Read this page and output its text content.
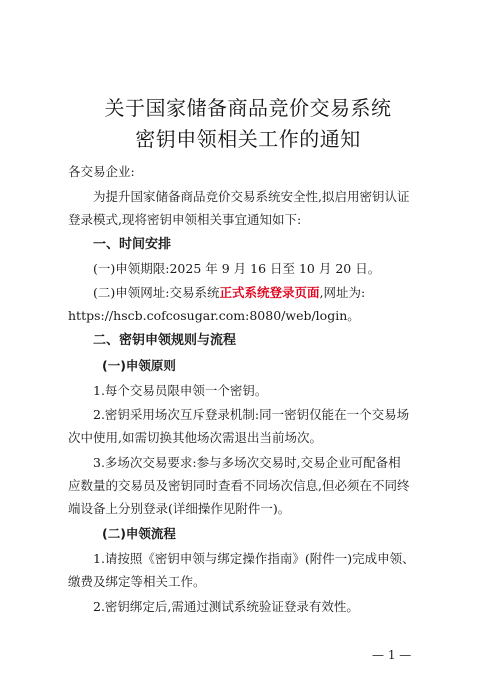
关于国家储备商品竞价交易系统
密钥申领相关工作的通知
各交易企业:
为提升国家储备商品竞价交易系统安全性,拟启用密钥认证
登录模式,现将密钥申领相关事宜通知如下:
一、时间安排
(一)申领期限:2025 年 9 月 16 日至 10 月 20 日。
(二)申领网址:交易系统正式系统登录页面,网址为:
https://hscb.cofcosugar.com:8080/web/login。
二、密钥申领规则与流程
(一)申领原则
1.每个交易员限申领一个密钥。
2.密钥采用场次互斥登录机制:同一密钥仅能在一个交易场
次中使用,如需切换其他场次需退出当前场次。
3.多场次交易要求:参与多场次交易时,交易企业可配备相
应数量的交易员及密钥同时查看不同场次信息,但必须在不同终
端设备上分别登录(详细操作见附件一)。
(二)申领流程
1.请按照《密钥申领与绑定操作指南》(附件一)完成申领、
缴费及绑定等相关工作。
2.密钥绑定后,需通过测试系统验证登录有效性。
— 1 —
